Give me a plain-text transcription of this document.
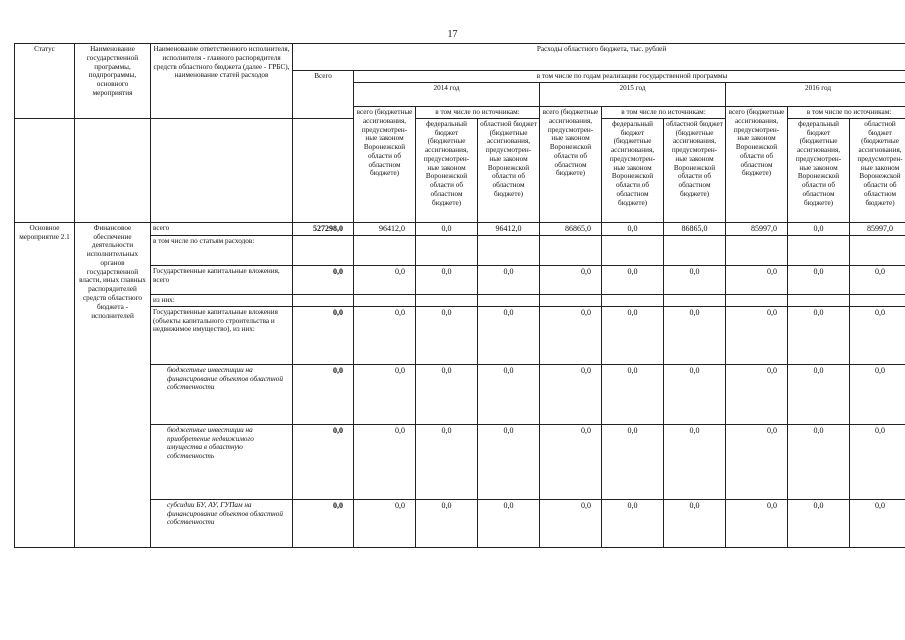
17
Статус	Наименование государственной программы, подпрограммы, основного мероприятия	Наименование ответственного исполнителя, исполнителя - главного распорядителя средств областного бюджета (далее - ГРБС), наименование статей расходов	Расходы областного бюджета, тыс. рублей									
			Всего	в том числе по годам реализации государственной программы								
				2014 год			2015 год			2016 год		
				всего (бюджетные ассигнования, предусмотрен-ные законом Воронежской области об областном бюджете)	в том числе по источникам:		всего (бюджетные ассигнования, предусмотрен-ные законом Воронежской области об областном бюджете)	в том числе по источникам:		всего (бюджетные ассигнования, предусмотрен-ные законом Воронежской области об областном бюджете)	в том числе по источникам:	
					федеральный бюджет (бюджетные ассигнования, предусмотрен-ные законом Воронежской области об областном бюджете)	областной бюджет (бюджетные ассигнования, предусмотрен-ные законом Воронежской области об областном бюджете)		федеральный бюджет (бюджетные ассигнования, предусмотрен-ные законом Воронежской области об областном бюджете)	областной бюджет (бюджетные ассигнования, предусмотрен-ные законом Воронежской области об областном бюджете)		федеральный бюджет (бюджетные ассигнования, предусмотрен-ные законом Воронежской области об областном бюджете)	областной бюджет (бюджетные ассигнования, предусмотрен-ные законом Воронежской области об областном бюджете)
Основное мероприятие 2.1	Финансовое обеспечение деятельности исполнительных органов государственной власти, иных главных распорядителей средств областного бюджета - исполнителей	всего	527298,0	96412,0	0,0	96412,0	86865,0	0,0	86865,0	85997,0	0,0	85997,0
		в том числе по статьям расходов:										
		Государственные капитальные вложения, всего	0,0	0,0	0,0	0,0	0,0	0,0	0,0	0,0	0,0	0,0
		из них:										
		Государственные капитальные вложения (объекты капитального строительства и недвижимое имущество), из них:	0,0	0,0	0,0	0,0	0,0	0,0	0,0	0,0	0,0	0,0
		бюджетные инвестиции на финансирование объектов областной собственности	0,0	0,0	0,0	0,0	0,0	0,0	0,0	0,0	0,0	0,0
		бюджетные инвестиции на приобретение недвижимого имущества в областную собственность	0,0	0,0	0,0	0,0	0,0	0,0	0,0	0,0	0,0	0,0
		субсидии БУ, АУ, ГУПам на финансирование объектов областной собственности	0,0	0,0	0,0	0,0	0,0	0,0	0,0	0,0	0,0	0,0
